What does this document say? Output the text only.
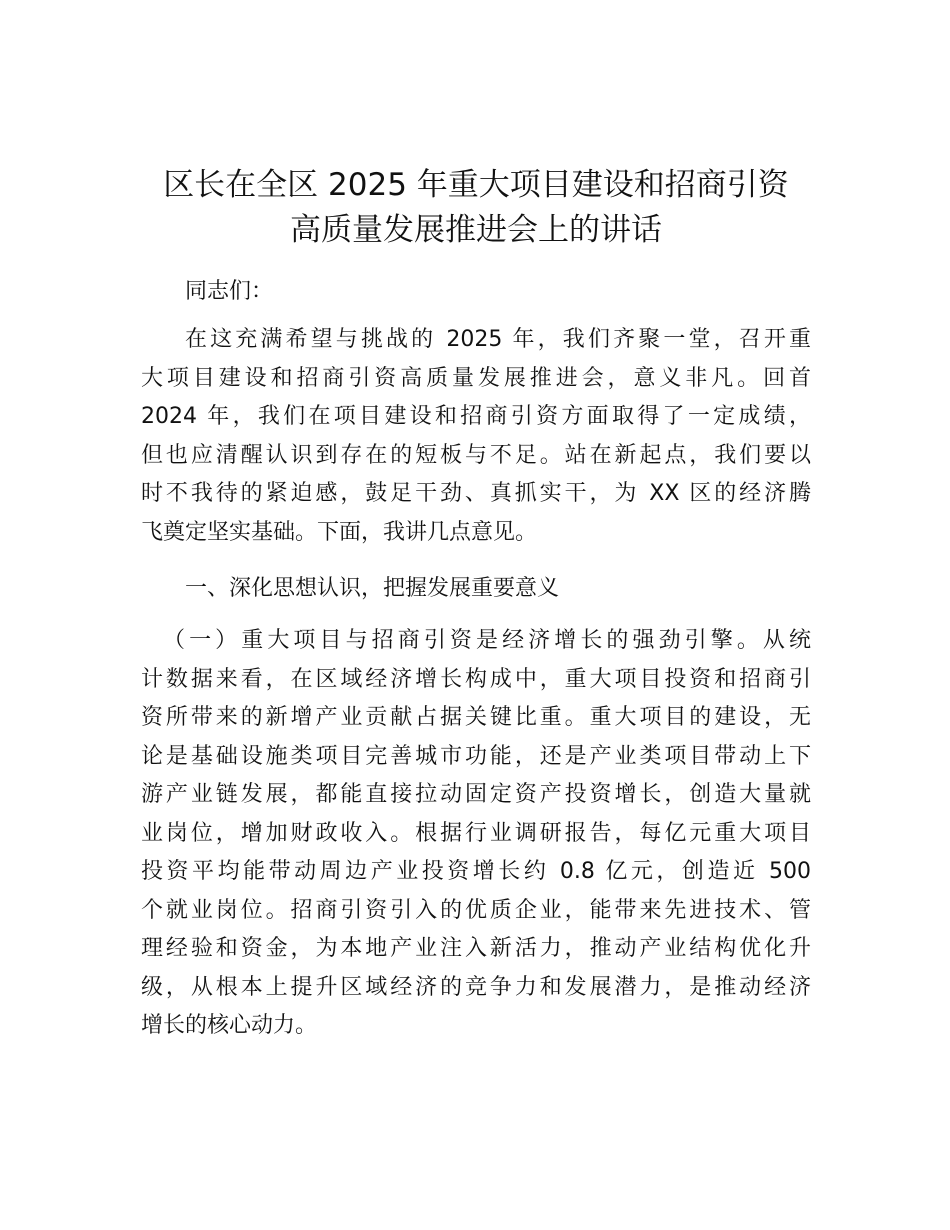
区长在全区 2025 年重大项目建设和招商引资
高质量发展推进会上的讲话

同志们：

在这充满希望与挑战的 2025 年，我们齐聚一堂，召开重
大项目建设和招商引资高质量发展推进会，意义非凡。回首
2024 年，我们在项目建设和招商引资方面取得了一定成绩，
但也应清醒认识到存在的短板与不足。站在新起点，我们要以
时不我待的紧迫感，鼓足干劲、真抓实干，为 XX 区的经济腾
飞奠定坚实基础。下面，我讲几点意见。

一、深化思想认识，把握发展重要意义

（一）重大项目与招商引资是经济增长的强劲引擎。从统
计数据来看，在区域经济增长构成中，重大项目投资和招商引
资所带来的新增产业贡献占据关键比重。重大项目的建设，无
论是基础设施类项目完善城市功能，还是产业类项目带动上下
游产业链发展，都能直接拉动固定资产投资增长，创造大量就
业岗位，增加财政收入。根据行业调研报告，每亿元重大项目
投资平均能带动周边产业投资增长约 0.8 亿元，创造近 500
个就业岗位。招商引资引入的优质企业，能带来先进技术、管
理经验和资金，为本地产业注入新活力，推动产业结构优化升
级，从根本上提升区域经济的竞争力和发展潜力，是推动经济
增长的核心动力。
